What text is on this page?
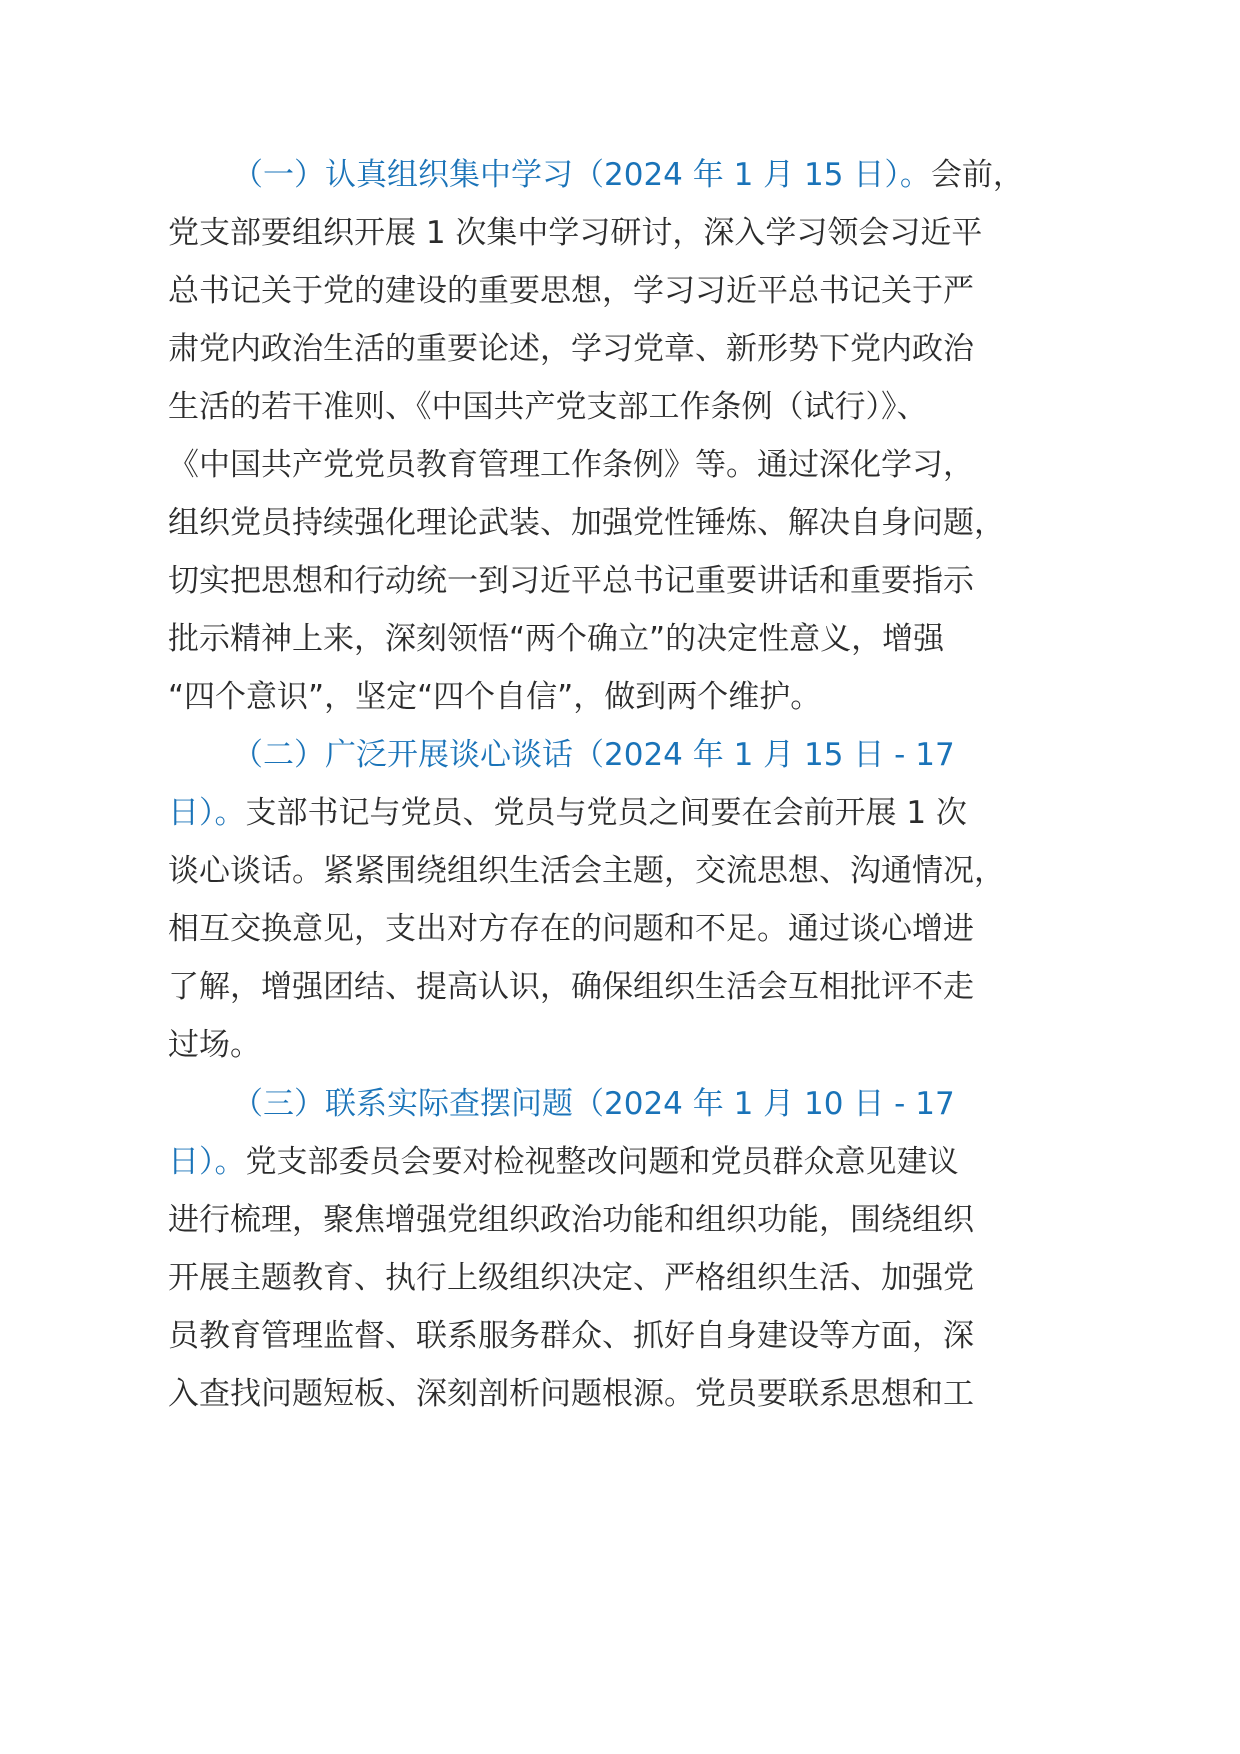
（一）认真组织集中学习（2024 年 1 月 15 日）。会前，
党支部要组织开展 1 次集中学习研讨，深入学习领会习近平
总书记关于党的建设的重要思想，学习习近平总书记关于严
肃党内政治生活的重要论述，学习党章、新形势下党内政治
生活的若干准则、《中国共产党支部工作条例（试行）》、
《中国共产党党员教育管理工作条例》等。通过深化学习，
组织党员持续强化理论武装、加强党性锤炼、解决自身问题，
切实把思想和行动统一到习近平总书记重要讲话和重要指示
批示精神上来，深刻领悟“两个确立”的决定性意义，增强
“四个意识”，坚定“四个自信”，做到两个维护。
（二）广泛开展谈心谈话（2024 年 1 月 15 日 - 17
日）。支部书记与党员、党员与党员之间要在会前开展 1 次
谈心谈话。紧紧围绕组织生活会主题，交流思想、沟通情况，
相互交换意见，支出对方存在的问题和不足。通过谈心增进
了解，增强团结、提高认识，确保组织生活会互相批评不走
过场。
（三）联系实际查摆问题（2024 年 1 月 10 日 - 17
日）。党支部委员会要对检视整改问题和党员群众意见建议
进行梳理，聚焦增强党组织政治功能和组织功能，围绕组织
开展主题教育、执行上级组织决定、严格组织生活、加强党
员教育管理监督、联系服务群众、抓好自身建设等方面，深
入查找问题短板、深刻剖析问题根源。党员要联系思想和工
